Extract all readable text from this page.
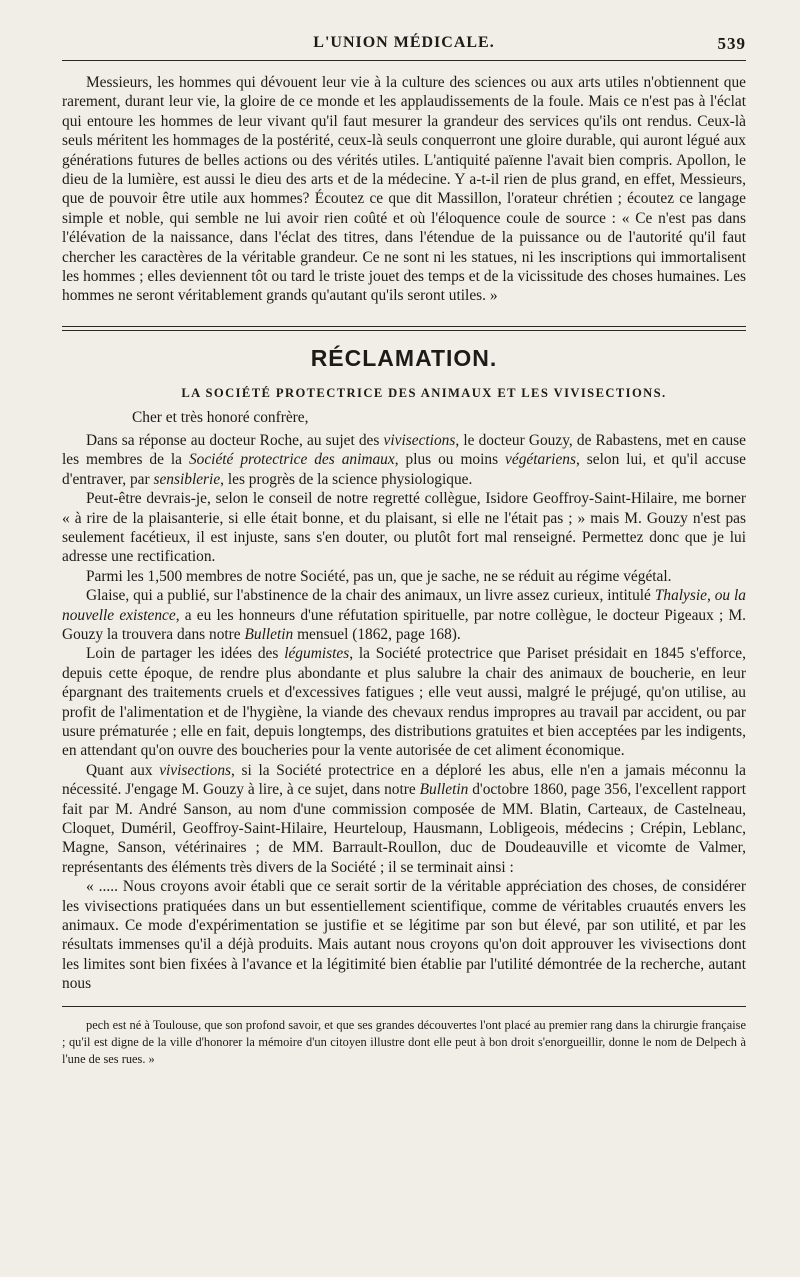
L'UNION MÉDICALE.	539

Messieurs, les hommes qui dévouent leur vie à la culture des sciences ou aux arts utiles n'obtiennent que rarement, durant leur vie, la gloire de ce monde et les applaudissements de la foule. Mais ce n'est pas à l'éclat qui entoure les hommes de leur vivant qu'il faut mesurer la grandeur des services qu'ils ont rendus. Ceux-là seuls méritent les hommages de la postérité, ceux-là seuls conquerront une gloire durable, qui auront légué aux générations futures de belles actions ou des vérités utiles. L'antiquité païenne l'avait bien compris. Apollon, le dieu de la lumière, est aussi le dieu des arts et de la médecine. Y a-t-il rien de plus grand, en effet, Messieurs, que de pouvoir être utile aux hommes? Écoutez ce que dit Massillon, l'orateur chrétien ; écoutez ce langage simple et noble, qui semble ne lui avoir rien coûté et où l'éloquence coule de source : « Ce n'est pas dans l'élévation de la naissance, dans l'éclat des titres, dans l'étendue de la puissance ou de l'autorité qu'il faut chercher les caractères de la véritable grandeur. Ce ne sont ni les statues, ni les inscriptions qui immortalisent les hommes ; elles deviennent tôt ou tard le triste jouet des temps et de la vicissitude des choses humaines. Les hommes ne seront véritablement grands qu'autant qu'ils seront utiles. »

RÉCLAMATION.
LA SOCIÉTÉ PROTECTRICE DES ANIMAUX ET LES VIVISECTIONS.
Cher et très honoré confrère,

Dans sa réponse au docteur Roche, au sujet des vivisections, le docteur Gouzy, de Rabastens, met en cause les membres de la Société protectrice des animaux, plus ou moins végétariens, selon lui, et qu'il accuse d'entraver, par sensiblerie, les progrès de la science physiologique.

Peut-être devrais-je, selon le conseil de notre regretté collègue, Isidore Geoffroy-Saint-Hilaire, me borner « à rire de la plaisanterie, si elle était bonne, et du plaisant, si elle ne l'était pas ; » mais M. Gouzy n'est pas seulement facétieux, il est injuste, sans s'en douter, ou plutôt fort mal renseigné. Permettez donc que je lui adresse une rectification.

Parmi les 1,500 membres de notre Société, pas un, que je sache, ne se réduit au régime végétal.

Glaise, qui a publié, sur l'abstinence de la chair des animaux, un livre assez curieux, intitulé Thalysie, ou la nouvelle existence, a eu les honneurs d'une réfutation spirituelle, par notre collègue, le docteur Pigeaux ; M. Gouzy la trouvera dans notre Bulletin mensuel (1862, page 168).

Loin de partager les idées des légumistes, la Société protectrice que Pariset présidait en 1845 s'efforce, depuis cette époque, de rendre plus abondante et plus salubre la chair des animaux de boucherie, en leur épargnant des traitements cruels et d'excessives fatigues ; elle veut aussi, malgré le préjugé, qu'on utilise, au profit de l'alimentation et de l'hygiène, la viande des chevaux rendus impropres au travail par accident, ou par usure prématurée ; elle en fait, depuis longtemps, des distributions gratuites et bien acceptées par les indigents, en attendant qu'on ouvre des boucheries pour la vente autorisée de cet aliment économique.

Quant aux vivisections, si la Société protectrice en a déploré les abus, elle n'en a jamais méconnu la nécessité. J'engage M. Gouzy à lire, à ce sujet, dans notre Bulletin d'octobre 1860, page 356, l'excellent rapport fait par M. André Sanson, au nom d'une commission composée de MM. Blatin, Carteaux, de Castelneau, Cloquet, Duméril, Geoffroy-Saint-Hilaire, Heurteloup, Hausmann, Lobligeois, médecins ; Crépin, Leblanc, Magne, Sanson, vétérinaires ; de MM. Barrault-Roullon, duc de Doudeauville et vicomte de Valmer, représentants des éléments très divers de la Société ; il se terminait ainsi :

« ..... Nous croyons avoir établi que ce serait sortir de la véritable appréciation des choses, de considérer les vivisections pratiquées dans un but essentiellement scientifique, comme de véritables cruautés envers les animaux. Ce mode d'expérimentation se justifie et se légitime par son but élevé, par son utilité, et par les résultats immenses qu'il a déjà produits. Mais autant nous croyons qu'on doit approuver les vivisections dont les limites sont bien fixées à l'avance et la légitimité bien établie par l'utilité démontrée de la recherche, autant nous

pech est né à Toulouse, que son profond savoir, et que ses grandes découvertes l'ont placé au premier rang dans la chirurgie française ; qu'il est digne de la ville d'honorer la mémoire d'un citoyen illustre dont elle peut à bon droit s'enorgueillir, donne le nom de Delpech à l'une de ses rues. »
